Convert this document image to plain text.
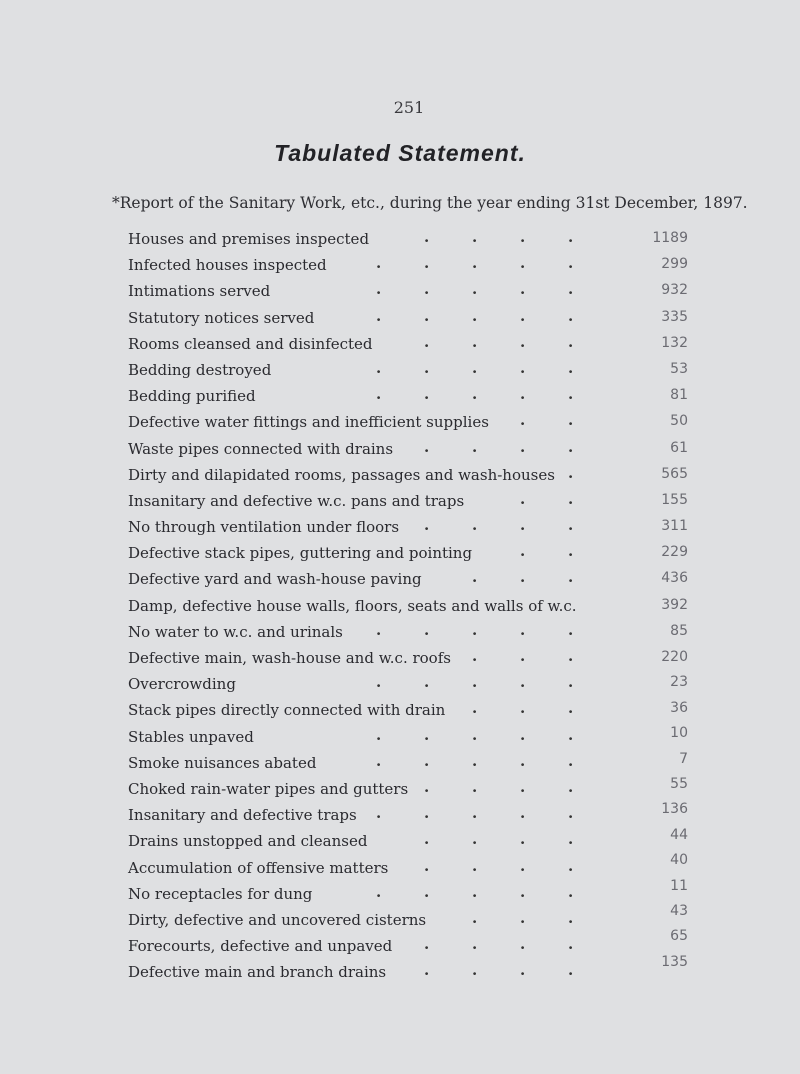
251
Tabulated Statement.
*Report of the Sanitary Work, etc., during the year ending 31st December, 1897.
Houses and premises inspected	.	.	.	.	1189
Infected houses inspected	.	.	.	.	.	299
Intimations served	.	.	.	.	.	932
Statutory notices served	.	.	.	.	.	335
Rooms cleansed and disinfected	.	.	.	.	132
Bedding destroyed	.	.	.	.	.	53
Bedding purified	.	.	.	.	.	81
Defective water fittings and inefficient supplies .	.	50
Waste pipes connected with drains .	.	.	.	61
Dirty and dilapidated rooms, passages and wash-houses .	565
Insanitary and defective w.c. pans and traps	.	.	155
No through ventilation under floors .	.	.	.	311
Defective stack pipes, guttering and pointing	.	.	229
Defective yard and wash-house paving	.	.	.	436
Damp, defective house walls, floors, seats and walls of w.c.	392
No water to w.c. and urinals .	.	.	.	.	85
Defective main, wash-house and w.c. roofs .	.	.	220
Overcrowding	.	.	.	.	.	23
Stack pipes directly connected with drain .	.	.	36
Stables unpaved	.	.	.	.	.	10
Smoke nuisances abated	.	.	.	.	.	7
Choked rain-water pipes and gutters .	.	.	.	55
Insanitary and defective traps .	.	.	.	.	136
Drains unstopped and cleansed	.	.	.	.	44
Accumulation of offensive matters .	.	.	.	40
No receptacles for dung	.	.	.	.	.	11
Dirty, defective and uncovered cisterns	.	.	.	43
Forecourts, defective and unpaved .	.	.	.	65
Defective main and branch drains	.	.	.	.	135
